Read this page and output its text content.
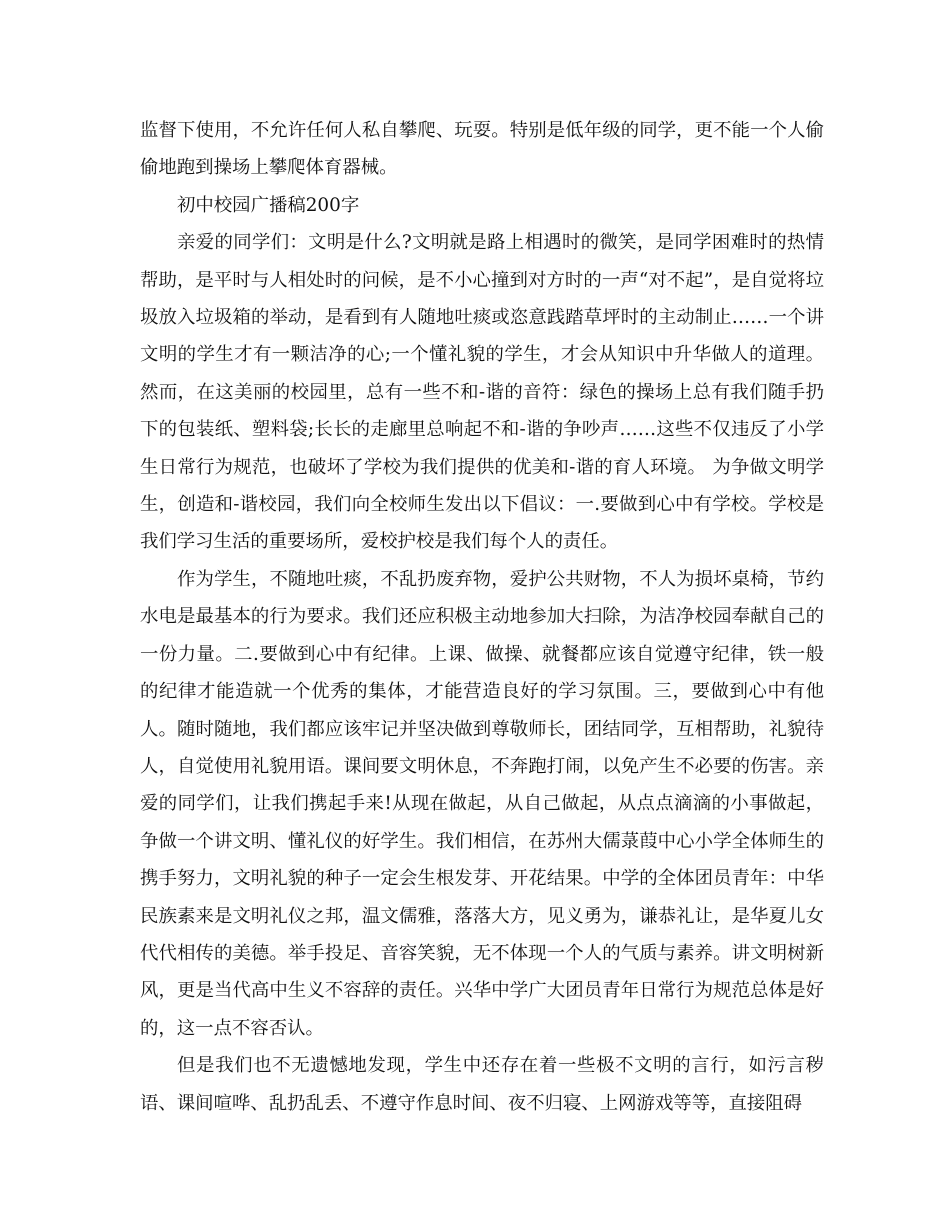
监督下使用，不允许任何人私自攀爬、玩耍。特别是低年级的同学，更不能一个人偷偷地跑到操场上攀爬体育器械。

初中校园广播稿200字

亲爱的同学们：文明是什么?文明就是路上相遇时的微笑，是同学困难时的热情帮助，是平时与人相处时的问候，是不小心撞到对方时的一声“对不起”，是自觉将垃圾放入垃圾箱的举动，是看到有人随地吐痰或恣意践踏草坪时的主动制止……一个讲文明的学生才有一颗洁净的心;一个懂礼貌的学生，才会从知识中升华做人的道理。 然而，在这美丽的校园里，总有一些不和-谐的音符：绿色的操场上总有我们随手扔下的包装纸、塑料袋;长长的走廊里总响起不和-谐的争吵声……这些不仅违反了小学生日常行为规范，也破坏了学校为我们提供的优美和-谐的育人环境。 为争做文明学生，创造和-谐校园，我们向全校师生发出以下倡议：一.要做到心中有学校。学校是我们学习生活的重要场所，爱校护校是我们每个人的责任。

作为学生，不随地吐痰，不乱扔废弃物，爱护公共财物，不人为损坏桌椅，节约水电是最基本的行为要求。我们还应积极主动地参加大扫除，为洁净校园奉献自己的一份力量。二.要做到心中有纪律。上课、做操、就餐都应该自觉遵守纪律，铁一般的纪律才能造就一个优秀的集体，才能营造良好的学习氛围。三，要做到心中有他人。随时随地，我们都应该牢记并坚决做到尊敬师长，团结同学，互相帮助，礼貌待人，自觉使用礼貌用语。课间要文明休息，不奔跑打闹，以免产生不必要的伤害。亲爱的同学们，让我们携起手来!从现在做起，从自己做起，从点点滴滴的小事做起，争做一个讲文明、懂礼仪的好学生。我们相信，在苏州大儒菉葭中心小学全体师生的携手努力，文明礼貌的种子一定会生根发芽、开花结果。中学的全体团员青年：中华民族素来是文明礼仪之邦，温文儒雅，落落大方，见义勇为，谦恭礼让，是华夏儿女代代相传的美德。举手投足、音容笑貌，无不体现一个人的气质与素养。讲文明树新风，更是当代高中生义不容辞的责任。兴华中学广大团员青年日常行为规范总体是好的，这一点不容否认。

但是我们也不无遗憾地发现，学生中还存在着一些极不文明的言行，如污言秽语、课间喧哗、乱扔乱丢、不遵守作息时间、夜不归寝、上网游戏等等，直接阻碍
